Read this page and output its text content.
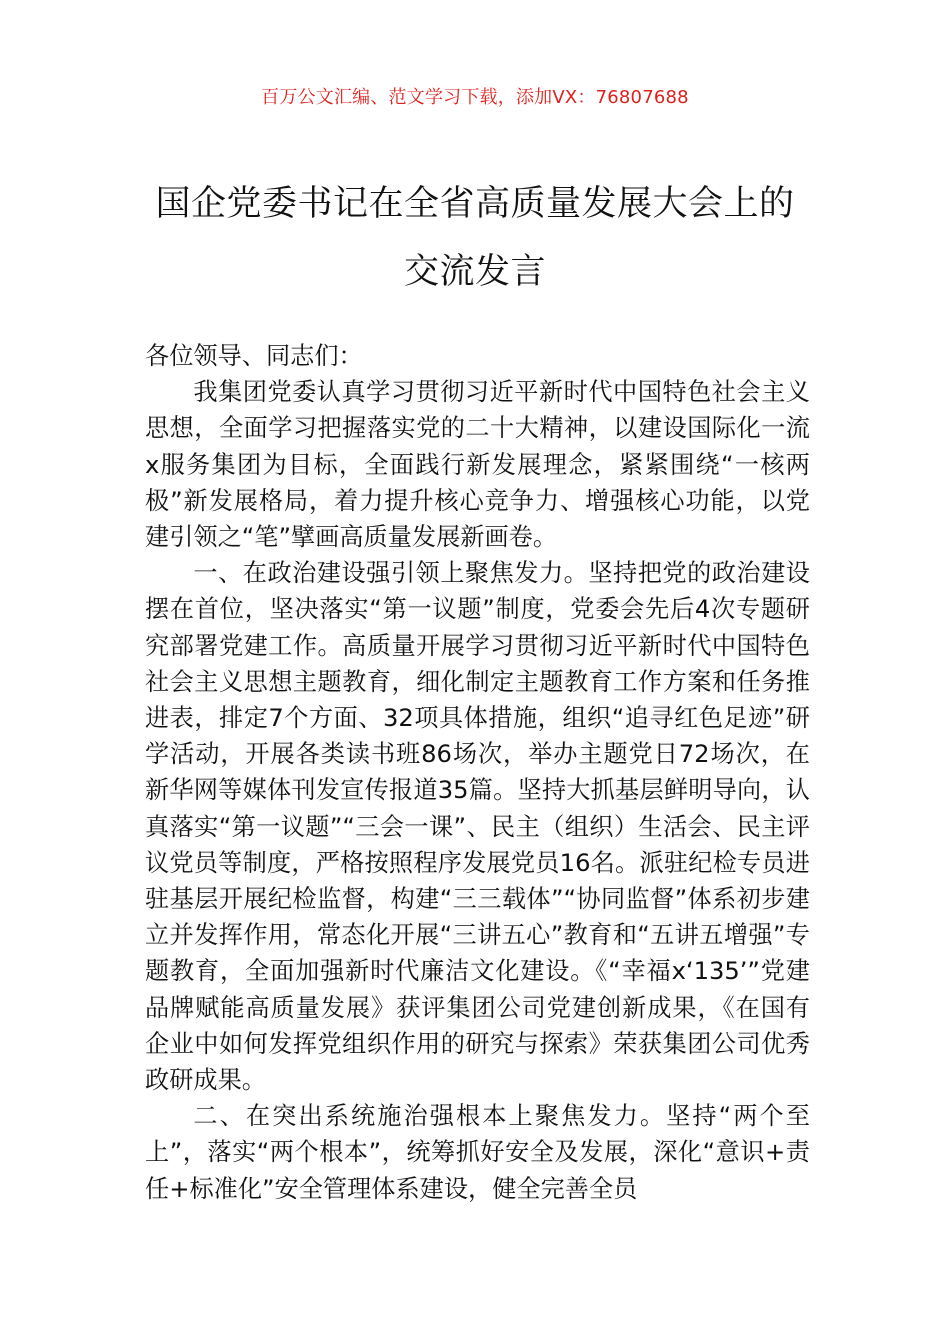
百万公文汇编、范文学习下载，添加VX：76807688
国企党委书记在全省高质量发展大会上的
交流发言

各位领导、同志们：

我集团党委认真学习贯彻习近平新时代中国特色社会主义思想，全面学习把握落实党的二十大精神，以建设国际化一流x服务集团为目标，全面践行新发展理念，紧紧围绕“一核两极”新发展格局，着力提升核心竞争力、增强核心功能，以党建引领之“笔”擘画高质量发展新画卷。

一、在政治建设强引领上聚焦发力。坚持把党的政治建设摆在首位，坚决落实“第一议题”制度，党委会先后4次专题研究部署党建工作。高质量开展学习贯彻习近平新时代中国特色社会主义思想主题教育，细化制定主题教育工作方案和任务推进表，排定7个方面、32项具体措施，组织“追寻红色足迹”研学活动，开展各类读书班86场次，举办主题党日72场次，在新华网等媒体刊发宣传报道35篇。坚持大抓基层鲜明导向，认真落实“第一议题”“三会一课”、民主（组织）生活会、民主评议党员等制度，严格按照程序发展党员16名。派驻纪检专员进驻基层开展纪检监督，构建“三三载体”“协同监督”体系初步建立并发挥作用，常态化开展“三讲五心”教育和“五讲五增强”专题教育，全面加强新时代廉洁文化建设。《“幸福x‘135’”党建品牌赋能高质量发展》获评集团公司党建创新成果，《在国有企业中如何发挥党组织作用的研究与探索》荣获集团公司优秀政研成果。

二、在突出系统施治强根本上聚焦发力。坚持“两个至上”，落实“两个根本”，统筹抓好安全及发展，深化“意识+责任+标准化”安全管理体系建设，健全完善全员
